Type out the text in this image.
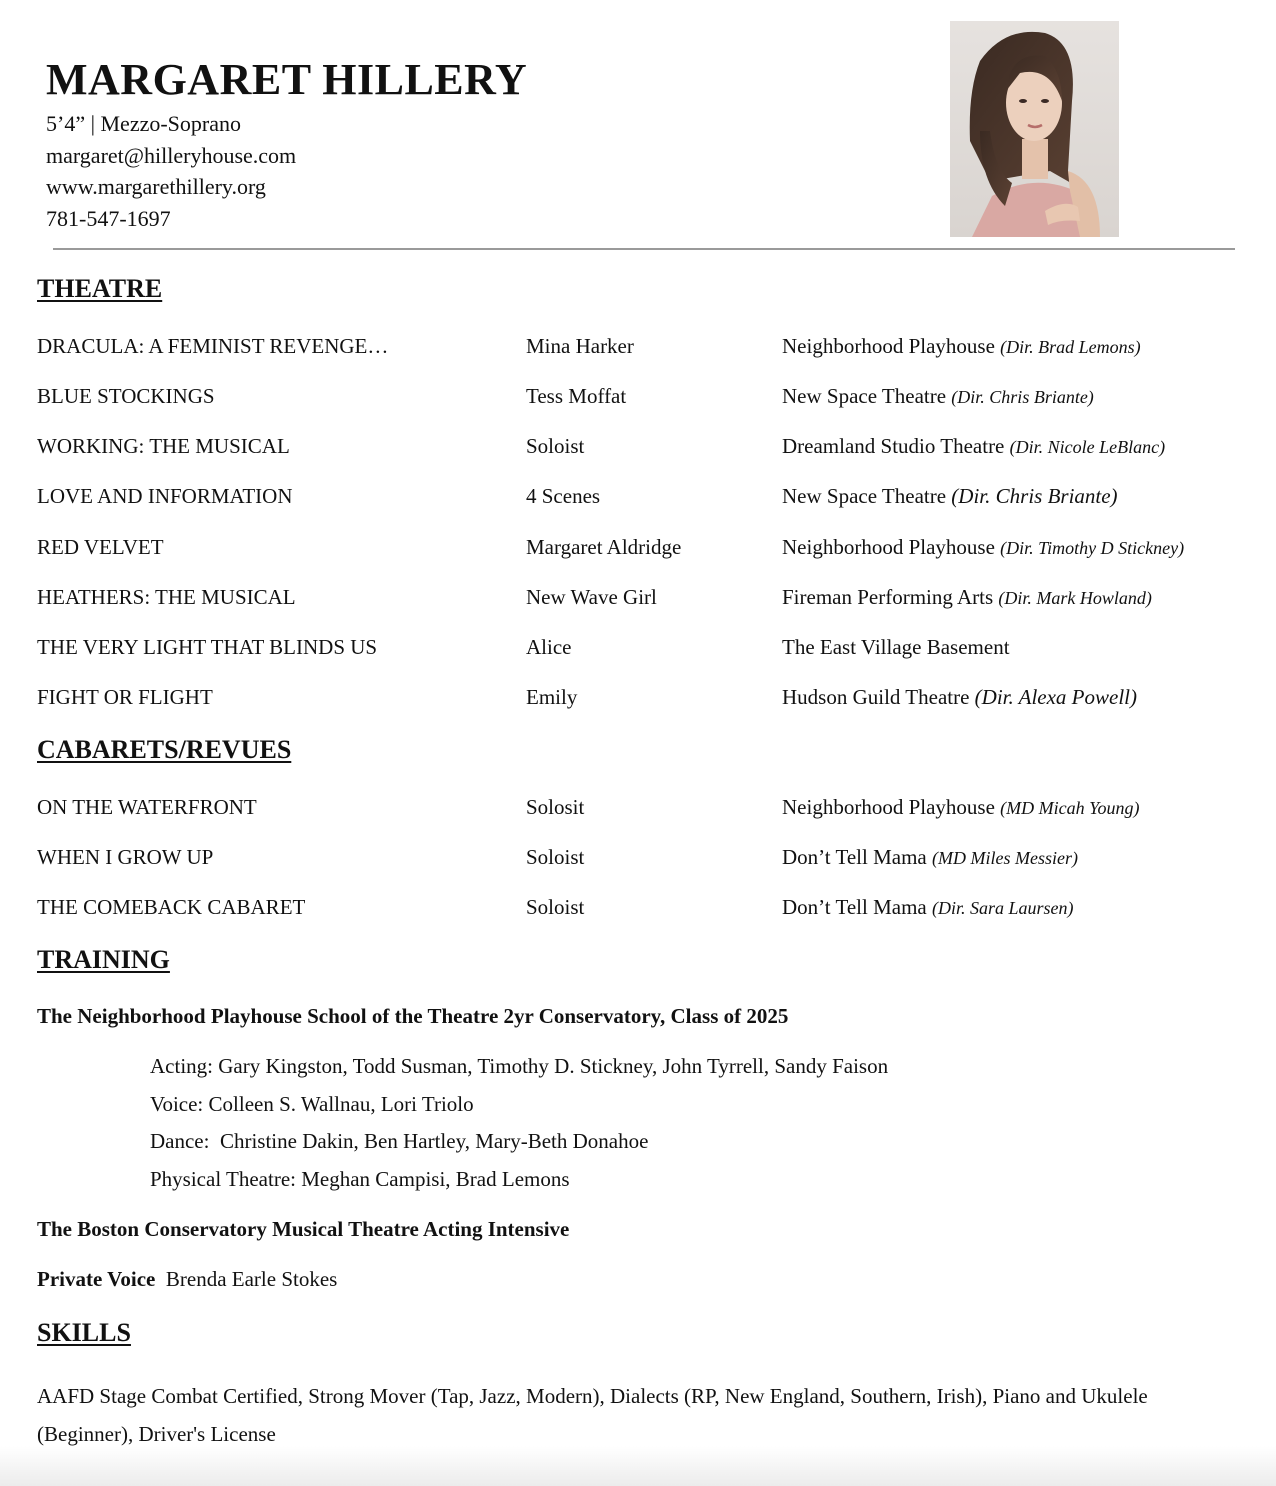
MARGARET HILLERY
5’4” | Mezzo-Soprano
margaret@hilleryhouse.com
www.margarethillery.org
781-547-1697
THEATRE
DRACULA: A FEMINIST REVENGE…	Mina Harker	Neighborhood Playhouse (Dir. Brad Lemons)
BLUE STOCKINGS	Tess Moffat	New Space Theatre (Dir. Chris Briante)
WORKING: THE MUSICAL	Soloist	Dreamland Studio Theatre (Dir. Nicole LeBlanc)
LOVE AND INFORMATION	4 Scenes	New Space Theatre (Dir. Chris Briante)
RED VELVET	Margaret Aldridge	Neighborhood Playhouse (Dir. Timothy D Stickney)
HEATHERS: THE MUSICAL	New Wave Girl	Fireman Performing Arts (Dir. Mark Howland)
THE VERY LIGHT THAT BLINDS US	Alice	The East Village Basement
FIGHT OR FLIGHT	Emily	Hudson Guild Theatre (Dir. Alexa Powell)
CABARETS/REVUES
ON THE WATERFRONT	Solosit	Neighborhood Playhouse (MD Micah Young)
WHEN I GROW UP	Soloist	Don’t Tell Mama (MD Miles Messier)
THE COMEBACK CABARET	Soloist	Don’t Tell Mama (Dir. Sara Laursen)
TRAINING
The Neighborhood Playhouse School of the Theatre 2yr Conservatory, Class of 2025
Acting: Gary Kingston, Todd Susman, Timothy D. Stickney, John Tyrrell, Sandy Faison
Voice: Colleen S. Wallnau, Lori Triolo
Dance:  Christine Dakin, Ben Hartley, Mary-Beth Donahoe
Physical Theatre: Meghan Campisi, Brad Lemons
The Boston Conservatory Musical Theatre Acting Intensive
Private Voice Brenda Earle Stokes
SKILLS
AAFD Stage Combat Certified, Strong Mover (Tap, Jazz, Modern), Dialects (RP, New England, Southern, Irish), Piano and Ukulele (Beginner), Driver's License
